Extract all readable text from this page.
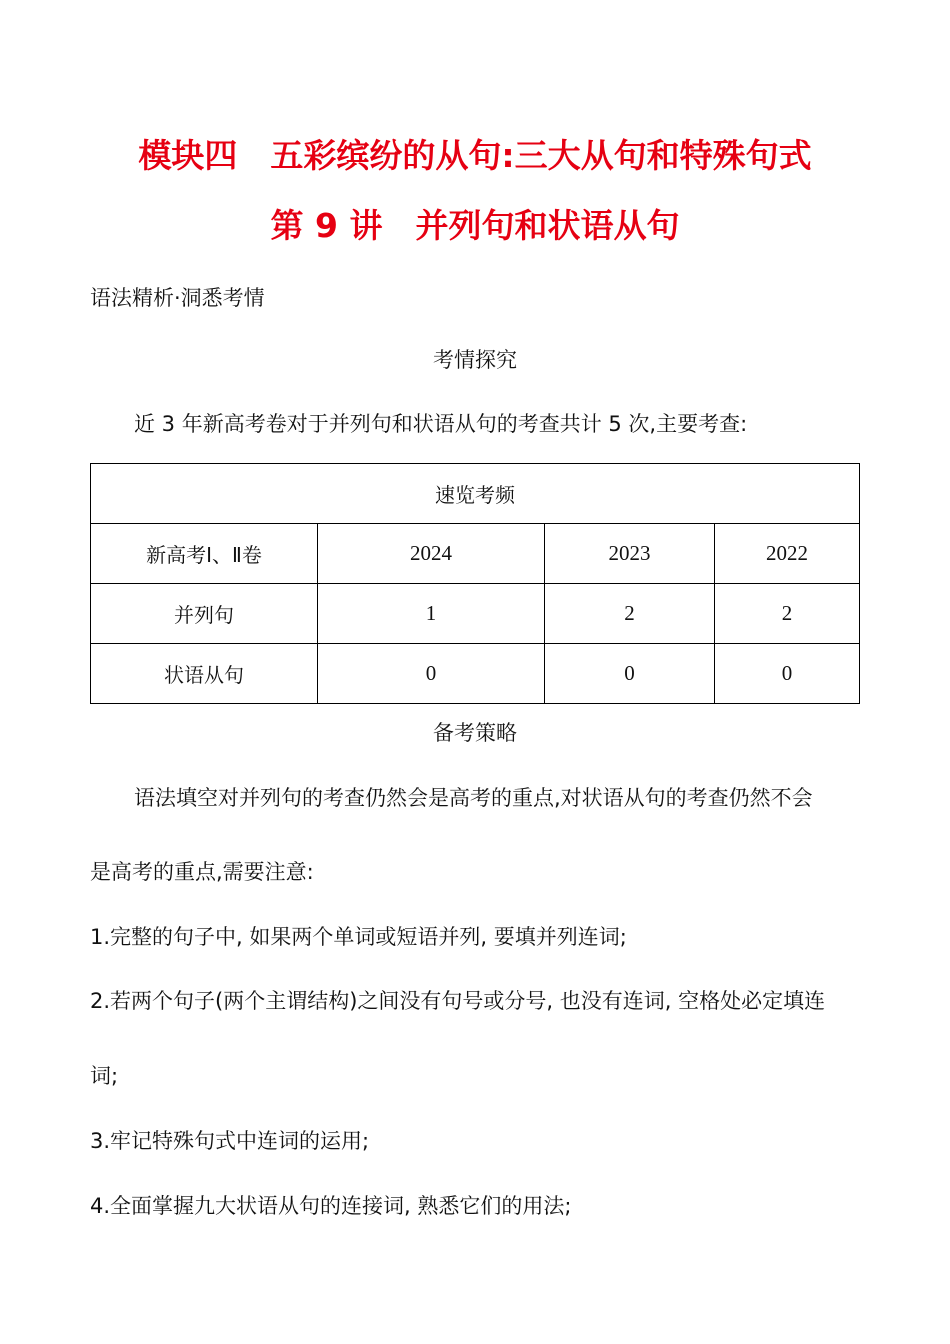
模块四　五彩缤纷的从句:三大从句和特殊句式
第 9 讲　并列句和状语从句
语法精析·洞悉考情
考情探究
近 3 年新高考卷对于并列句和状语从句的考查共计 5 次,主要考查:
速览考频			
新高考Ⅰ、Ⅱ卷	2024	2023	2022
并列句	1	2	2
状语从句	0	0	0
备考策略
语法填空对并列句的考查仍然会是高考的重点,对状语从句的考查仍然不会
是高考的重点,需要注意:
1.完整的句子中, 如果两个单词或短语并列, 要填并列连词;
2.若两个句子(两个主谓结构)之间没有句号或分号, 也没有连词, 空格处必定填连
词;
3.牢记特殊句式中连词的运用;
4.全面掌握九大状语从句的连接词, 熟悉它们的用法;
